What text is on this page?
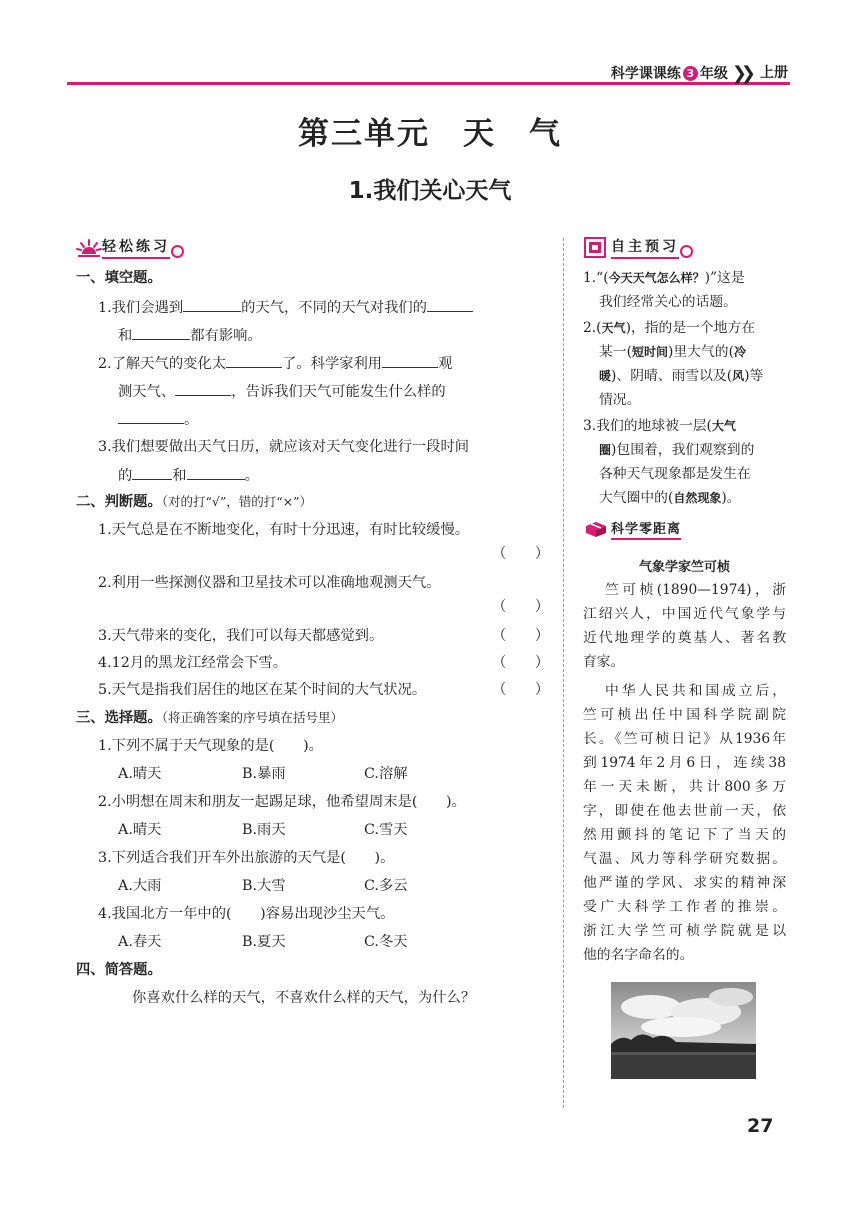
科学课课练 3 年级 ❯❯ 上册
第三单元　天　气
1.我们关心天气
轻松练习
一、填空题。
1.我们会遇到	的天气，不同的天气对我们的
和	都有影响。
2.了解天气的变化太	了。科学家利用	观
测天气、	，告诉我们天气可能发生什么样的
。
3.我们想要做出天气日历，就应该对天气变化进行一段时间
的	和	。
二、判断题。（对的打“√”，错的打“×”）
1.天气总是在不断地变化，有时十分迅速，有时比较缓慢。
（　　）
2.利用一些探测仪器和卫星技术可以准确地观测天气。
（　　）
3.天气带来的变化，我们可以每天都感觉到。	（　　）
4.12月的黑龙江经常会下雪。	（　　）
5.天气是指我们居住的地区在某个时间的大气状况。	（　　）
三、选择题。（将正确答案的序号填在括号里）
1.下列不属于天气现象的是(　　)。
A.晴天	B.暴雨	C.溶解
2.小明想在周末和朋友一起踢足球，他希望周末是(　　)。
A.晴天	B.雨天	C.雪天
3.下列适合我们开车外出旅游的天气是(　　)。
A.大雨	B.大雪	C.多云
4.我国北方一年中的(　　)容易出现沙尘天气。
A.春天	B.夏天	C.冬天
四、简答题。
你喜欢什么样的天气，不喜欢什么样的天气，为什么？
自主预习
1.“(今天天气怎么样？)”这是
我们经常关心的话题。
2.(天气)，指的是一个地方在
某一(短时间)里大气的(冷
暖)、阴晴、雨雪以及(风)等
情况。
3.我们的地球被一层(大气
圈)包围着，我们观察到的
各种天气现象都是发生在
大气圈中的(自然现象)。
科学零距离
气象学家竺可桢
竺可桢(1890—1974)，浙
江绍兴人，中国近代气象学与
近代地理学的奠基人、著名教
育家。
中华人民共和国成立后，
竺可桢出任中国科学院副院
长。《竺可桢日记》从1936年
到1974年2月6日，连续38
年一天未断，共计800多万
字，即使在他去世前一天，依
然用颤抖的笔记下了当天的
气温、风力等科学研究数据。
他严谨的学风、求实的精神深
受广大科学工作者的推崇。
浙江大学竺可桢学院就是以
他的名字命名的。
27
